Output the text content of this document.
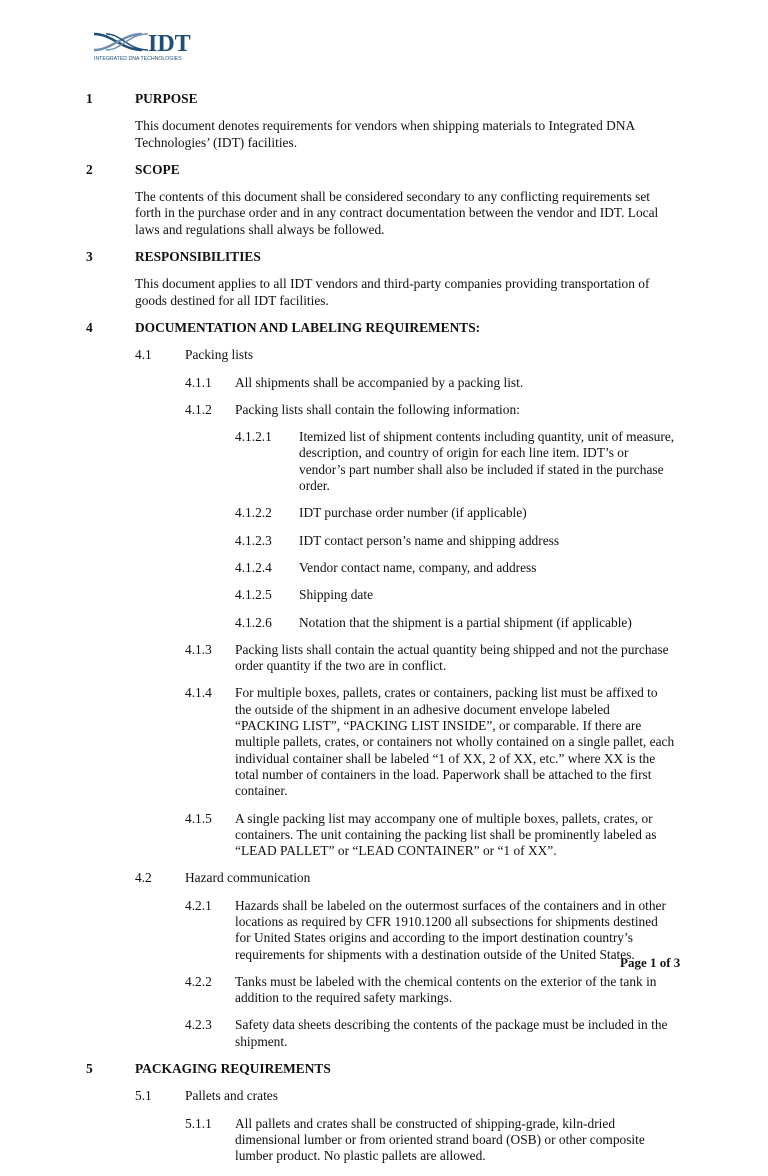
IDT
INTEGRATED DNA TECHNOLOGIES
1	PURPOSE
This document denotes requirements for vendors when shipping materials to Integrated DNA Technologies’ (IDT) facilities.
2	SCOPE
The contents of this document shall be considered secondary to any conflicting requirements set forth in the purchase order and in any contract documentation between the vendor and IDT. Local laws and regulations shall always be followed.
3	RESPONSIBILITIES
This document applies to all IDT vendors and third-party companies providing transportation of goods destined for all IDT facilities.
4	DOCUMENTATION AND LABELING REQUIREMENTS:
4.1 Packing lists
4.1.1 All shipments shall be accompanied by a packing list.
4.1.2 Packing lists shall contain the following information:
4.1.2.1 Itemized list of shipment contents including quantity, unit of measure, description, and country of origin for each line item. IDT’s or vendor’s part number shall also be included if stated in the purchase order.
4.1.2.2 IDT purchase order number (if applicable)
4.1.2.3 IDT contact person’s name and shipping address
4.1.2.4 Vendor contact name, company, and address
4.1.2.5 Shipping date
4.1.2.6 Notation that the shipment is a partial shipment (if applicable)
4.1.3 Packing lists shall contain the actual quantity being shipped and not the purchase order quantity if the two are in conflict.
4.1.4 For multiple boxes, pallets, crates or containers, packing list must be affixed to the outside of the shipment in an adhesive document envelope labeled “PACKING LIST”, “PACKING LIST INSIDE”, or comparable. If there are multiple pallets, crates, or containers not wholly contained on a single pallet, each individual container shall be labeled “1 of XX, 2 of XX, etc.” where XX is the total number of containers in the load. Paperwork shall be attached to the first container.
4.1.5 A single packing list may accompany one of multiple boxes, pallets, crates, or containers. The unit containing the packing list shall be prominently labeled as “LEAD PALLET” or “LEAD CONTAINER” or “1 of XX”.
4.2 Hazard communication
4.2.1 Hazards shall be labeled on the outermost surfaces of the containers and in other locations as required by CFR 1910.1200 all subsections for shipments destined for United States origins and according to the import destination country’s requirements for shipments with a destination outside of the United States.
4.2.2 Tanks must be labeled with the chemical contents on the exterior of the tank in addition to the required safety markings.
4.2.3 Safety data sheets describing the contents of the package must be included in the shipment.
5	PACKAGING REQUIREMENTS
5.1 Pallets and crates
5.1.1 All pallets and crates shall be constructed of shipping-grade, kiln-dried dimensional lumber or from oriented strand board (OSB) or other composite lumber product. No plastic pallets are allowed.
Page 1 of 3
